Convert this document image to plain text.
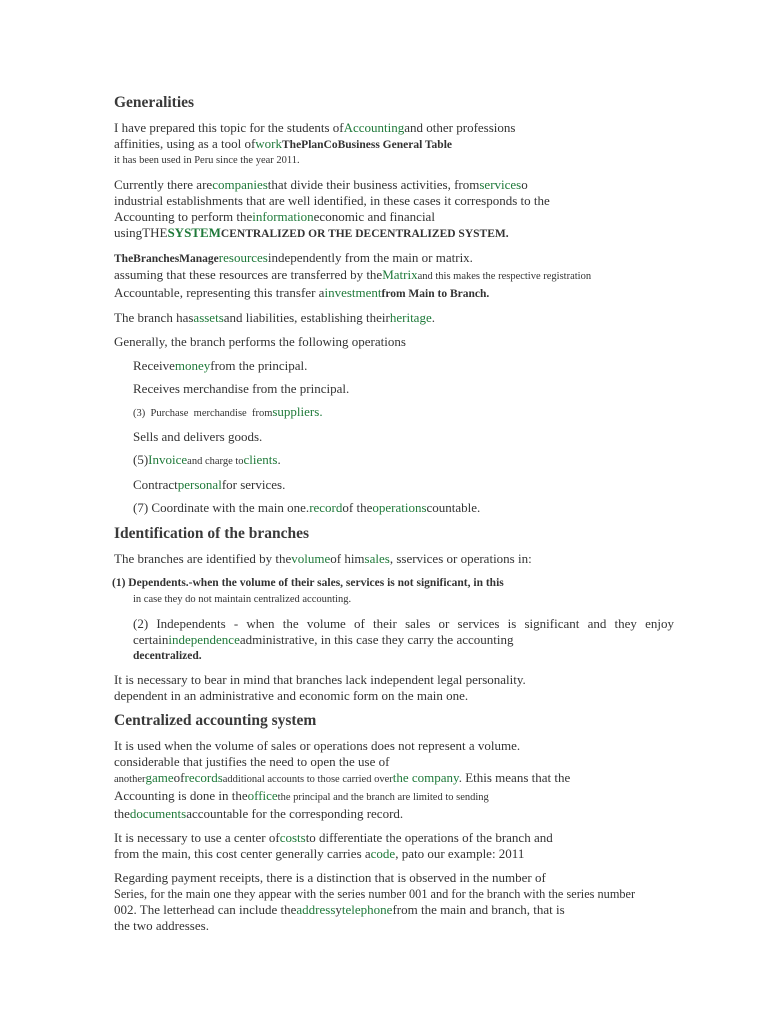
Generalities
I have prepared this topic for the students ofAccountingand other professions
affinities, using as a tool ofworkThePlanCoBusiness General Table
it has been used in Peru since the year 2011.
Currently there arecompaniesthat divide their business activities, fromserviceso
industrial establishments that are well identified, in these cases it corresponds to the
Accounting to perform theinformationeconomic and financial
usingTHESYSTEMCENTRALIZED OR THE DECENTRALIZED SYSTEM.
TheBranchesManageresourcesindependently from the main or matrix.
assuming that these resources are transferred by theMatrixand this makes the respective registration
Accountable, representing this transfer ainvestmentfrom Main to Branch.
The branch hasassetsand liabilities, establishing theirheritage.
Generally, the branch performs the following operations
Receivemoneyfrom the principal.
Receives merchandise from the principal.
(3)  Purchase  merchandise  fromsuppliers.
Sells and delivers goods.
(5)Invoiceand charge toclients.
Contractpersonalfor services.
(7) Coordinate with the main one.recordof theoperationscountable.
Identification of the branches
The branches are identified by thevolumeof himsales, sservices or operations in:
(1) Dependents.-when the volume of their sales, services is not significant, in this
in case they do not maintain centralized accounting.
(2) Independents - when the volume of their sales or services is significant and they enjoy
certainindependenceadministrative, in this case they carry the accounting
decentralized.
It is necessary to bear in mind that branches lack independent legal personality.
dependent in an administrative and economic form on the main one.
Centralized accounting system
It is used when the volume of sales or operations does not represent a volume.
considerable that justifies the need to open the use of
anothergameofrecordsadditional accounts to those carried overthe company. Ethis means that the
Accounting is done in theofficethe principal and the branch are limited to sending
thedocumentsaccountable for the corresponding record.
It is necessary to use a center ofcoststo differentiate the operations of the branch and
from the main, this cost center generally carries acode, pato our example: 2011
Regarding payment receipts, there is a distinction that is observed in the number of
Series, for the main one they appear with the series number 001 and for the branch with the series number
002. The letterhead can include theaddressytelephonefrom the main and branch, that is
the two addresses.
